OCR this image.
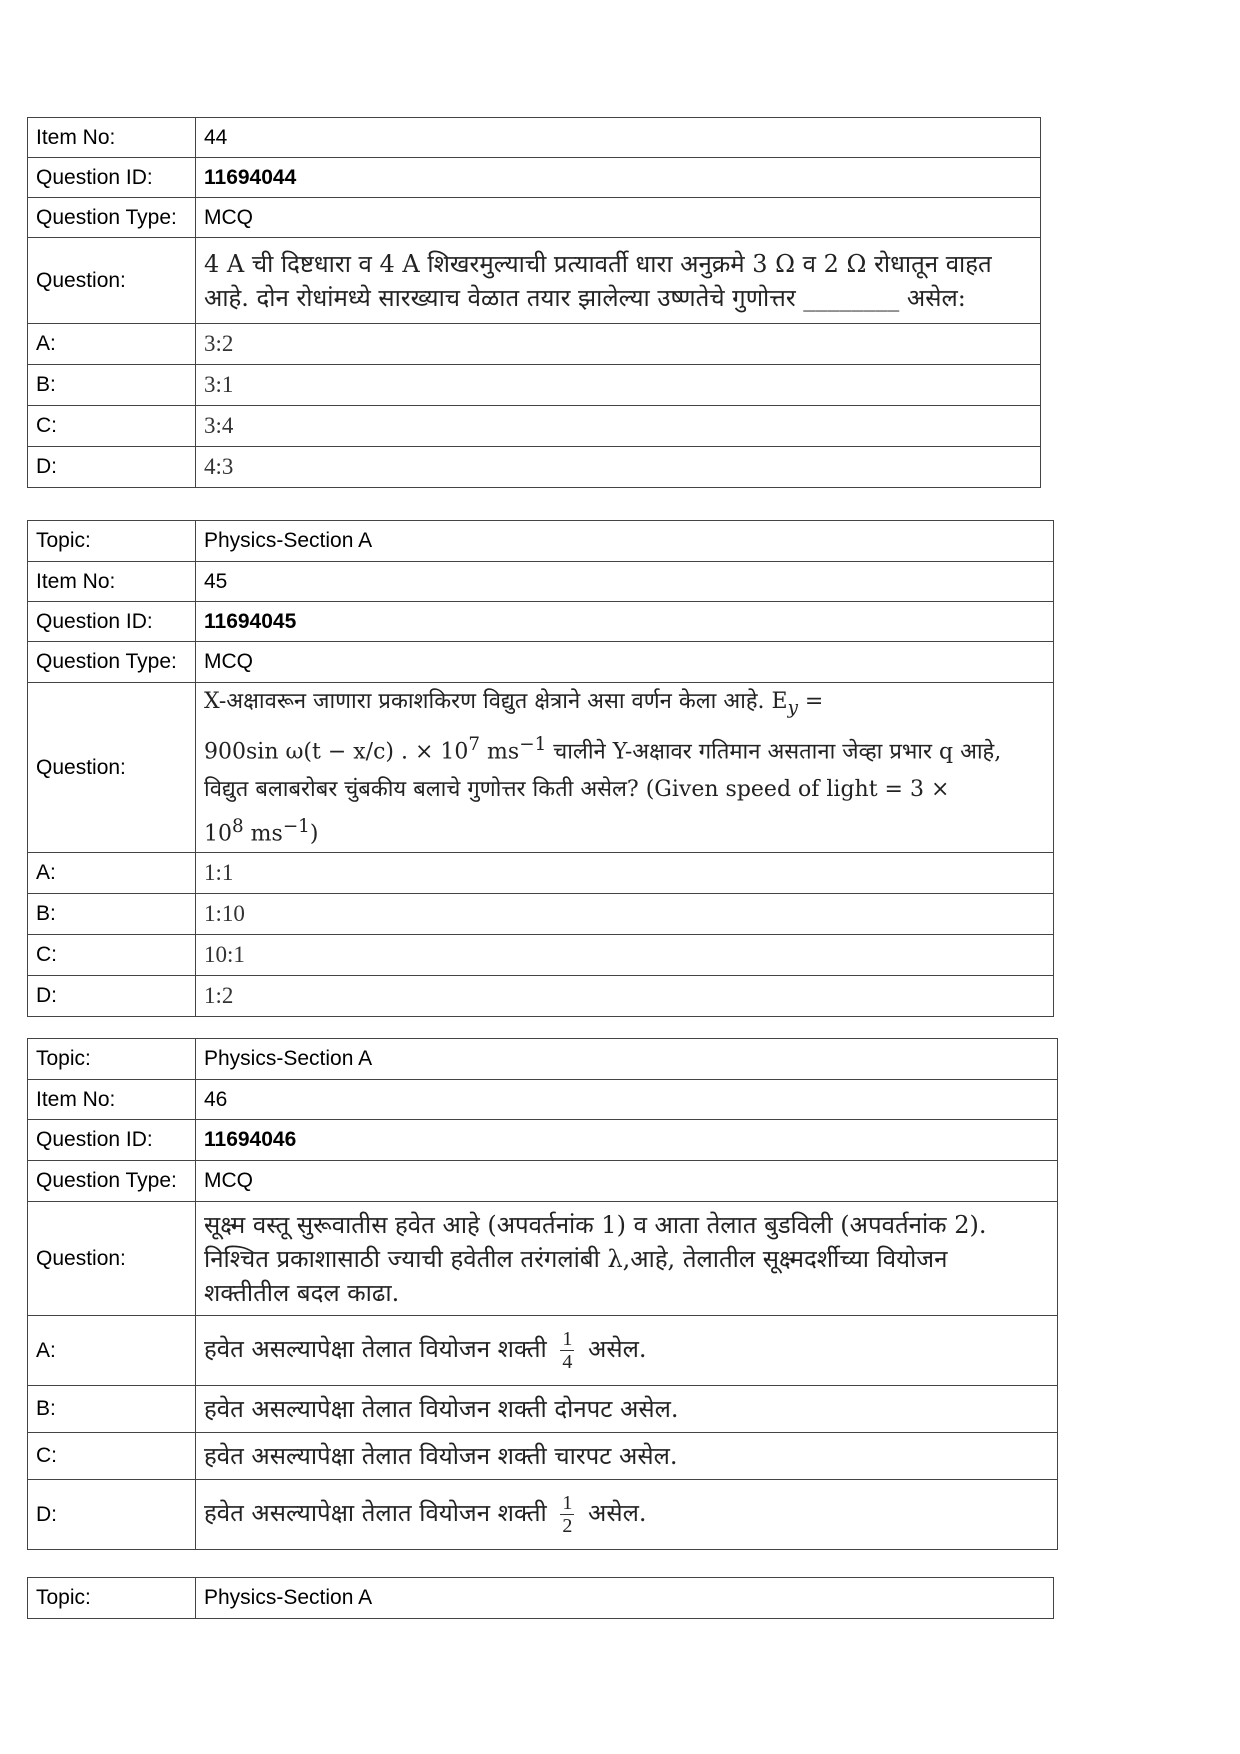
Item No:	44
Question ID:	11694044
Question Type:	MCQ
Question:	4 A ची दिष्टधारा व 4 A शिखरमुल्याची प्रत्यावर्ती धारा अनुक्रमे 3 Ω व 2 Ω रोधातून वाहत
आहे. दोन रोधांमध्ये सारख्याच वेळात तयार झालेल्या उष्णतेचे गुणोत्तर ________ असेल:

A:	3:2
B:	3:1
C:	3:4
D:	4:3
Topic:	Physics-Section A
Item No:	45
Question ID:	11694045
Question Type:	MCQ
Question:	X-अक्षावरून जाणारा प्रकाशकिरण विद्युत क्षेत्राने असा वर्णन केला आहे. $E_y$ =
900sin ω(t − x/c) . × $10^7$ $ms^{-1}$ चालीने Y-अक्षावर गतिमान असताना जेव्हा प्रभार q आहे,
विद्युत बलाबरोबर चुंबकीय बलाचे गुणोत्तर किती असेल? (Given speed of light = 3 ×
$10^8$ $ms^{-1}$)

A:	1:1
B:	1:10
C:	10:1
D:	1:2
Topic:	Physics-Section A
Item No:	46
Question ID:	11694046
Question Type:	MCQ
Question:	सूक्ष्म वस्तू सुरूवातीस हवेत आहे (अपवर्तनांक 1) व आता तेलात बुडविली (अपवर्तनांक 2).
निश्चित प्रकाशासाठी ज्याची हवेतील तरंगलांबी λ,आहे, तेलातील सूक्ष्मदर्शीच्या वियोजन
शक्तीतील बदल काढा.

A:	हवेत असल्यापेक्षा तेलात वियोजन शक्ती $\frac{1}{4}$ असेल.
B:	हवेत असल्यापेक्षा तेलात वियोजन शक्ती दोनपट असेल.
C:	हवेत असल्यापेक्षा तेलात वियोजन शक्ती चारपट असेल.
D:	हवेत असल्यापेक्षा तेलात वियोजन शक्ती $\frac{1}{2}$ असेल.
Topic:	Physics-Section A
